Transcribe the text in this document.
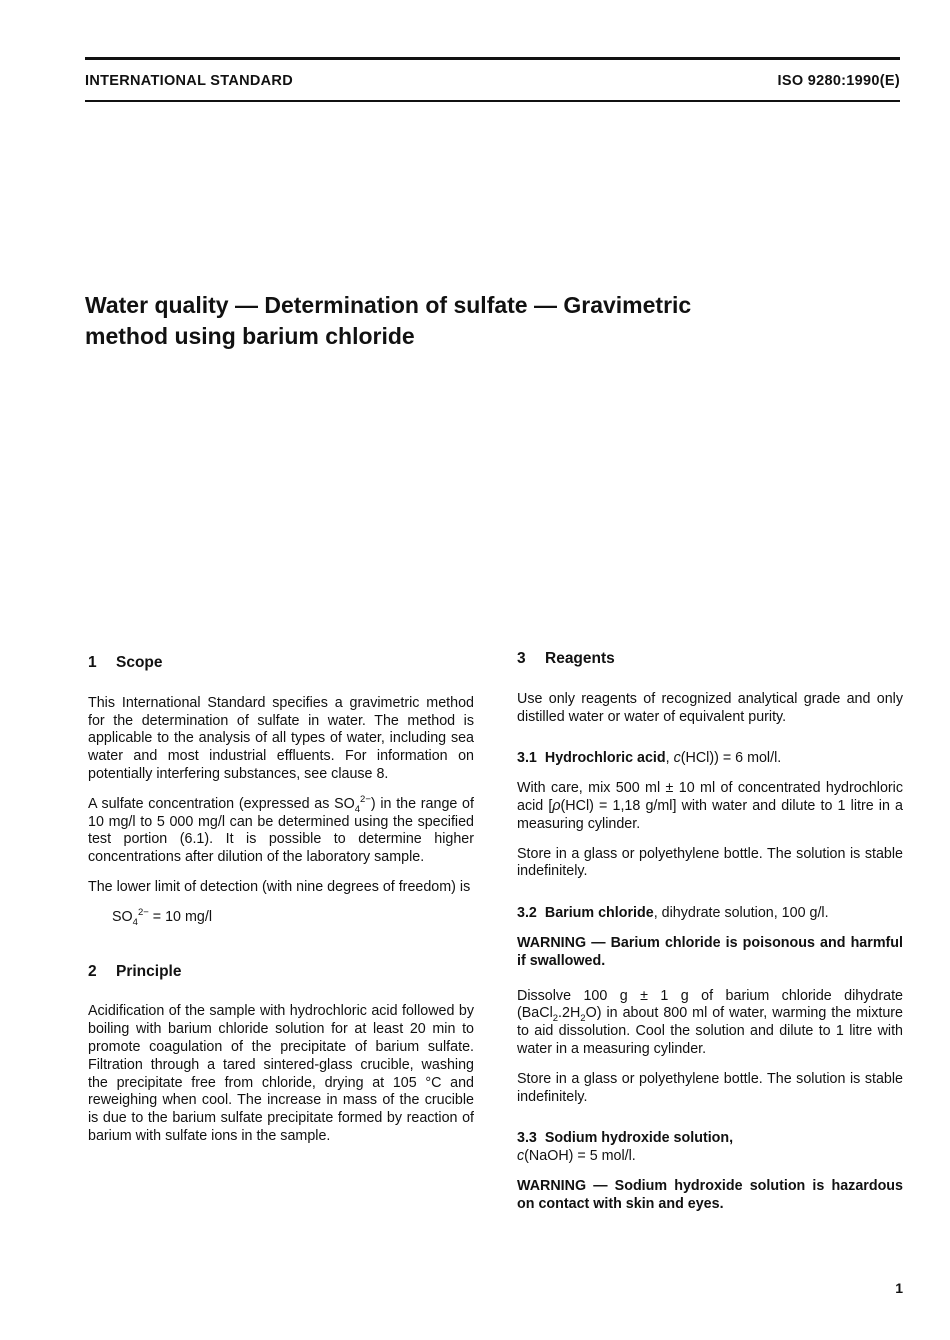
INTERNATIONAL STANDARD	ISO 9280:1990(E)
Water quality — Determination of sulfate — Gravimetric
method using barium chloride
1 Scope

This International Standard specifies a gravimetric method for the determination of sulfate in water. The method is applicable to the analysis of all types of water, including sea water and most industrial effluents. For information on potentially interfering substances, see clause 8.

A sulfate concentration (expressed as $SO_4^{2-}$) in the range of 10 mg/l to 5 000 mg/l can be determined using the specified test portion (6.1). It is possible to determine higher concentrations after dilution of the laboratory sample.

The lower limit of detection (with nine degrees of freedom) is

$SO_4^{2-} = 10$ mg/l
2 Principle

Acidification of the sample with hydrochloric acid followed by boiling with barium chloride solution for at least 20 min to promote coagulation of the precipitate of barium sulfate. Filtration through a tared sintered-glass crucible, washing the precipitate free from chloride, drying at 105 °C and reweighing when cool. The increase in mass of the crucible is due to the barium sulfate precipitate formed by reaction of barium with sulfate ions in the sample.

3 Reagents

Use only reagents of recognized analytical grade and only distilled water or water of equivalent purity.

3.1 Hydrochloric acid, c(HCl)) = 6 mol/l.

With care, mix 500 ml ± 10 ml of concentrated hydrochloric acid [ρ(HCl) = 1,18 g/ml] with water and dilute to 1 litre in a measuring cylinder.

Store in a glass or polyethylene bottle. The solution is stable indefinitely.

3.2 Barium chloride, dihydrate solution, 100 g/l.

WARNING — Barium chloride is poisonous and harmful if swallowed.

Dissolve 100 g ± 1 g of barium chloride dihydrate $(BaCl_2.2H_2O)$ in about 800 ml of water, warming the mixture to aid dissolution. Cool the solution and dilute to 1 litre with water in a measuring cylinder.

Store in a glass or polyethylene bottle. The solution is stable indefinitely.

3.3 Sodium hydroxide solution,
c(NaOH) = 5 mol/l.

WARNING — Sodium hydroxide solution is hazardous on contact with skin and eyes.

1
